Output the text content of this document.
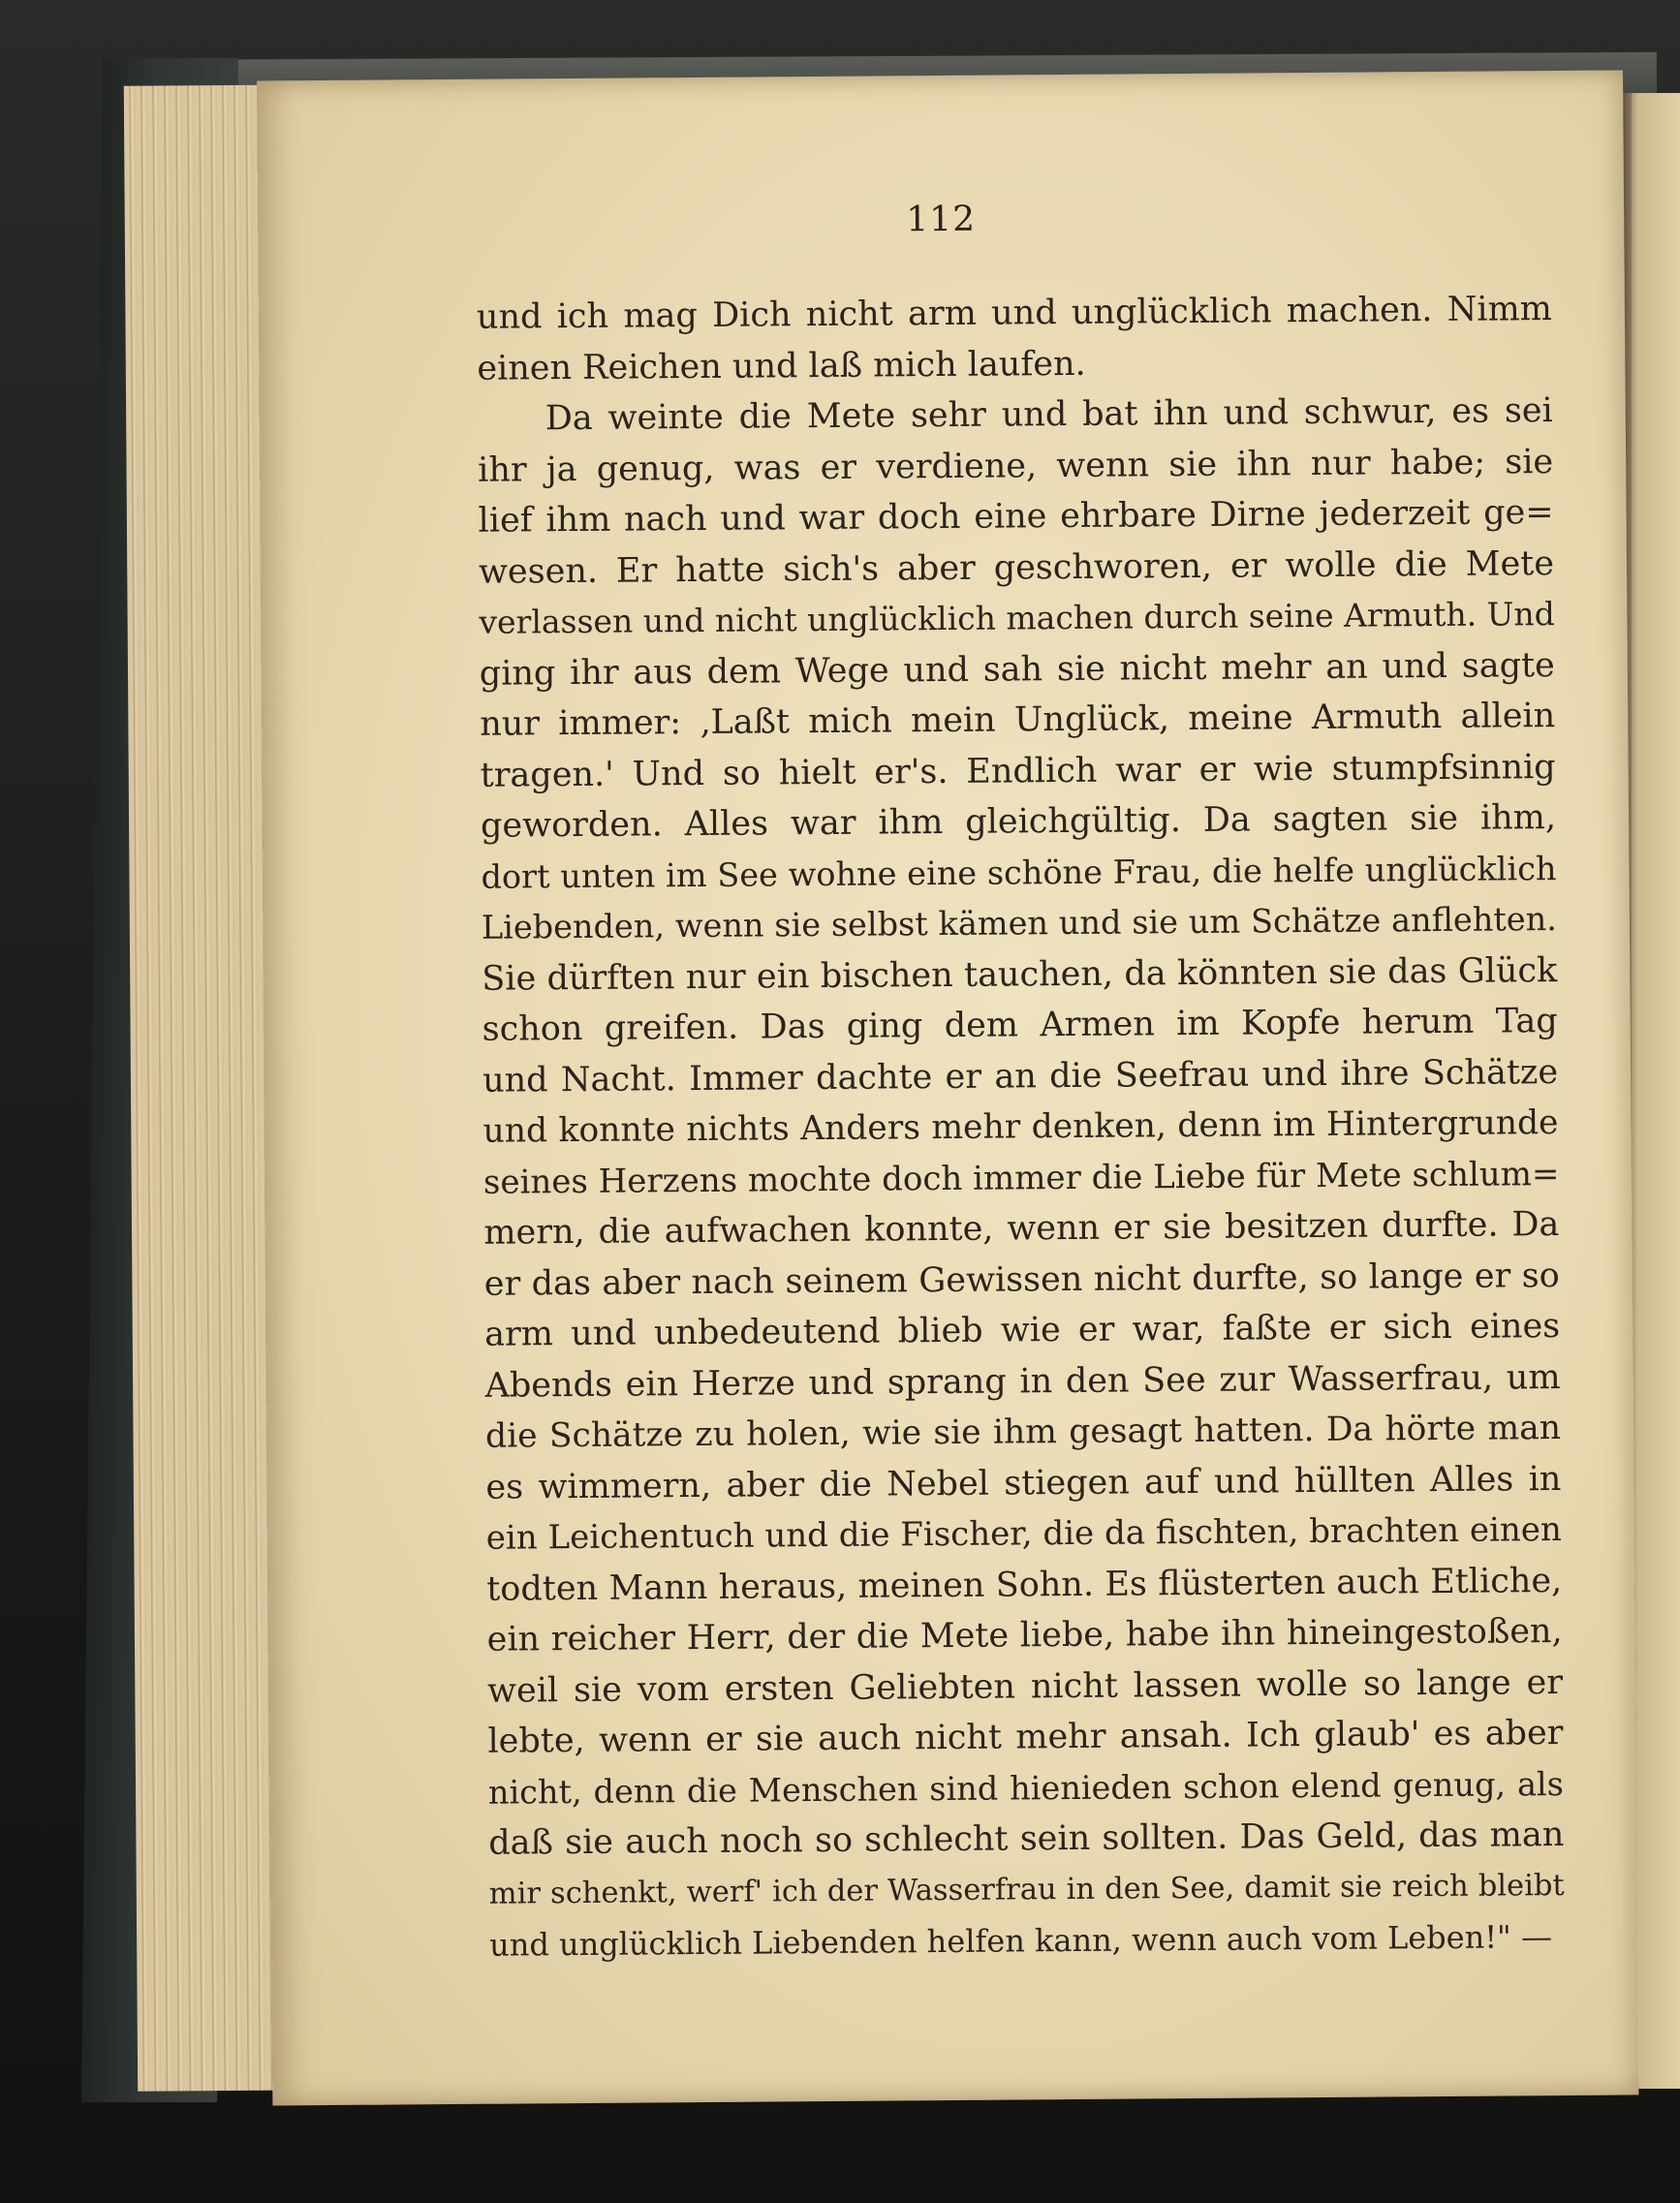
112
und ich mag Dich nicht arm und unglücklich machen. Nimm
einen Reichen und laß mich laufen.
Da weinte die Mete sehr und bat ihn und schwur, es sei
ihr ja genug, was er verdiene, wenn sie ihn nur habe; sie
lief ihm nach und war doch eine ehrbare Dirne jederzeit ge=
wesen. Er hatte sich's aber geschworen, er wolle die Mete
verlassen und nicht unglücklich machen durch seine Armuth. Und
ging ihr aus dem Wege und sah sie nicht mehr an und sagte
nur immer: ‚Laßt mich mein Unglück, meine Armuth allein
tragen.' Und so hielt er's. Endlich war er wie stumpfsinnig
geworden. Alles war ihm gleichgültig. Da sagten sie ihm,
dort unten im See wohne eine schöne Frau, die helfe unglücklich
Liebenden, wenn sie selbst kämen und sie um Schätze anflehten.
Sie dürften nur ein bischen tauchen, da könnten sie das Glück
schon greifen. Das ging dem Armen im Kopfe herum Tag
und Nacht. Immer dachte er an die Seefrau und ihre Schätze
und konnte nichts Anders mehr denken, denn im Hintergrunde
seines Herzens mochte doch immer die Liebe für Mete schlum=
mern, die aufwachen konnte, wenn er sie besitzen durfte. Da
er das aber nach seinem Gewissen nicht durfte, so lange er so
arm und unbedeutend blieb wie er war, faßte er sich eines
Abends ein Herze und sprang in den See zur Wasserfrau, um
die Schätze zu holen, wie sie ihm gesagt hatten. Da hörte man
es wimmern, aber die Nebel stiegen auf und hüllten Alles in
ein Leichentuch und die Fischer, die da fischten, brachten einen
todten Mann heraus, meinen Sohn. Es flüsterten auch Etliche,
ein reicher Herr, der die Mete liebe, habe ihn hineingestoßen,
weil sie vom ersten Geliebten nicht lassen wolle so lange er
lebte, wenn er sie auch nicht mehr ansah. Ich glaub' es aber
nicht, denn die Menschen sind hienieden schon elend genug, als
daß sie auch noch so schlecht sein sollten. Das Geld, das man
mir schenkt, werf' ich der Wasserfrau in den See, damit sie reich bleibt
und unglücklich Liebenden helfen kann, wenn auch vom Leben!" —
